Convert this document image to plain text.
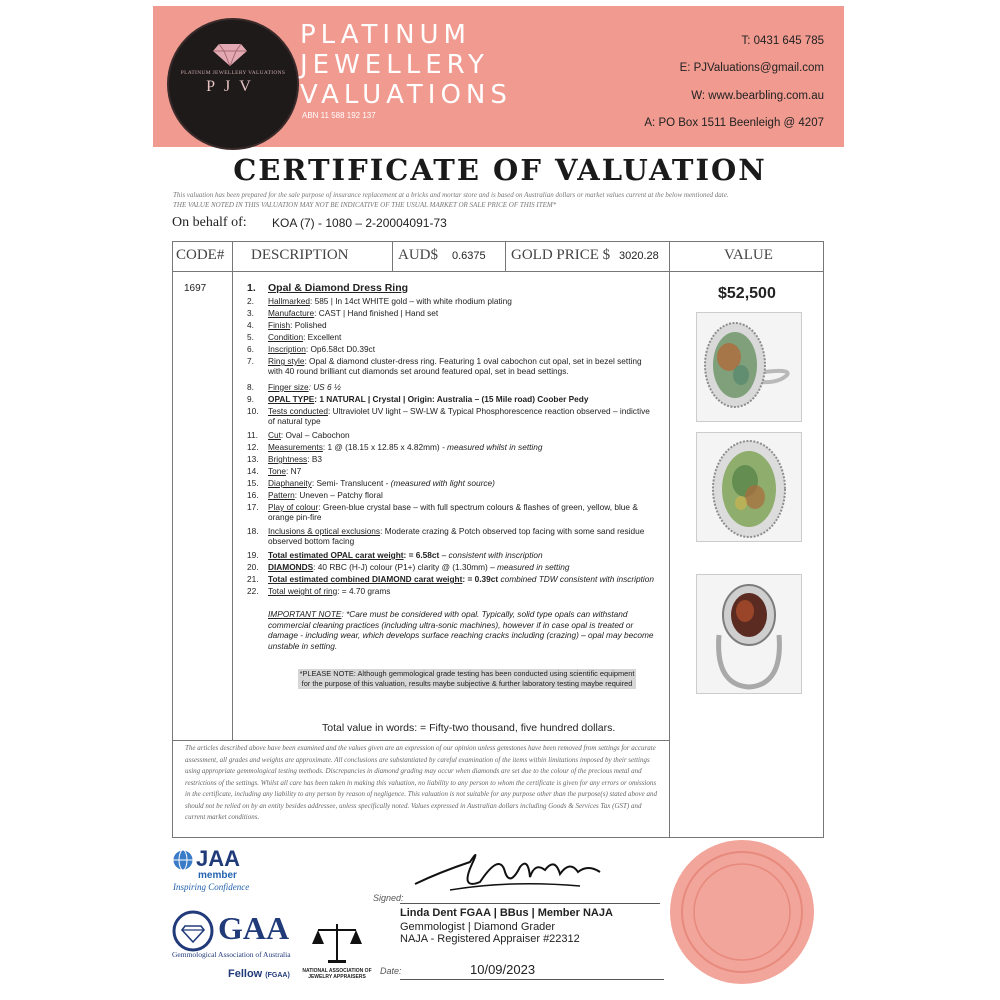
PLATINUM JEWELLERY VALUATIONS
PJV
PLATINUM
JEWELLERY
VALUATIONS
ABN 11 588 192 137
T: 0431 645 785
E: PJValuations@gmail.com
W: www.bearbling.com.au
A: PO Box 1511 Beenleigh @ 4207
CERTIFICATE OF VALUATION
This valuation has been prepared for the sale purpose of insurance replacement at a bricks and mortar store and is based on Australian dollars or market values current at the below mentioned date.
THE VALUE NOTED IN THIS VALUATION MAY NOT BE INDICATIVE OF THE USUAL MARKET OR SALE PRICE OF THIS ITEM*
On behalf of: KOA (7) - 1080 – 2-20004091-73
CODE# DESCRIPTION	AUD$ 0.6375 GOLD PRICE $ 3020.28	VALUE
1697	1. Opal & Diamond Dress Ring	$52,500
2. Hallmarked: 585 | In 14ct WHITE gold – with white rhodium plating
3. Manufacture: CAST | Hand finished | Hand set
4. Finish: Polished
5. Condition: Excellent
6. Inscription: Op6.58ct D0.39ct
7. Ring style: Opal & diamond cluster-dress ring. Featuring 1 oval cabochon cut opal, set in bezel setting with 40 round brilliant cut diamonds set around featured opal, set in bead settings.
8. Finger size: US 6 ½
9. OPAL TYPE: 1 NATURAL | Crystal | Origin: Australia – (15 Mile road) Coober Pedy
10. Tests conducted: Ultraviolet UV light – SW-LW & Typical Phosphorescence reaction observed – indictive of natural type
11. Cut: Oval – Cabochon
12. Measurements: 1 @ (18.15 x 12.85 x 4.82mm) - measured whilst in setting
13. Brightness: B3
14. Tone: N7
15. Diaphaneity: Semi- Translucent - (measured with light source)
16. Pattern: Uneven – Patchy floral
17. Play of colour: Green-blue crystal base – with full spectrum colours & flashes of green, yellow, blue & orange pin-fire
18. Inclusions & optical exclusions: Moderate crazing & Potch observed top facing with some sand residue observed bottom facing
19. Total estimated OPAL carat weight: = 6.58ct – consistent with inscription
20. DIAMONDS: 40 RBC (H-J) colour (P1+) clarity @ (1.30mm) – measured in setting
21. Total estimated combined DIAMOND carat weight: = 0.39ct combined TDW consistent with inscription
22. Total weight of ring: = 4.70 grams
IMPORTANT NOTE: *Care must be considered with opal. Typically, solid type opals can withstand commercial cleaning practices (including ultra-sonic machines), however if in case opal is treated or damage - including wear, which develops surface reaching cracks including (crazing) – opal may become unstable in setting.
*PLEASE NOTE: Although gemmological grade testing has been conducted using scientific equipment for the purpose of this valuation, results maybe subjective & further laboratory testing maybe required
Total value in words: = Fifty-two thousand, five hundred dollars.
The articles described above have been examined and the values given are an expression of our opinion unless gemstones have been removed from settings for accurate assessment, all grades and weights are approximate. All conclusions are substantiated by careful examination of the items within limitations imposed by their settings using appropriate gemmological testing methods. Discrepancies in diamond grading may occur when diamonds are set due to the colour of the precious metal and restrictions of the settings. Whilst all care has been taken in making this valuation, no liability to any person to whom the certificate is given for any errors or omissions in the certificate, including any liability to any person by reason of negligence. This valuation is not suitable for any purpose other than the purpose(s) stated above and should not be relied on by an entity besides addressee, unless specifically noted. Values expressed in Australian dollars including Goods & Services Tax (GST) and current market conditions.
JAA
member
Inspiring Confidence
GAA
Gemmological Association of Australia
Fellow (FGAA)
NATIONAL ASSOCIATION OF
JEWELRY APPRAISERS
Signed:
Linda Dent FGAA | BBus | Member NAJA
Gemmologist | Diamond Grader
NAJA - Registered Appraiser #22312
Date:	10/09/2023
